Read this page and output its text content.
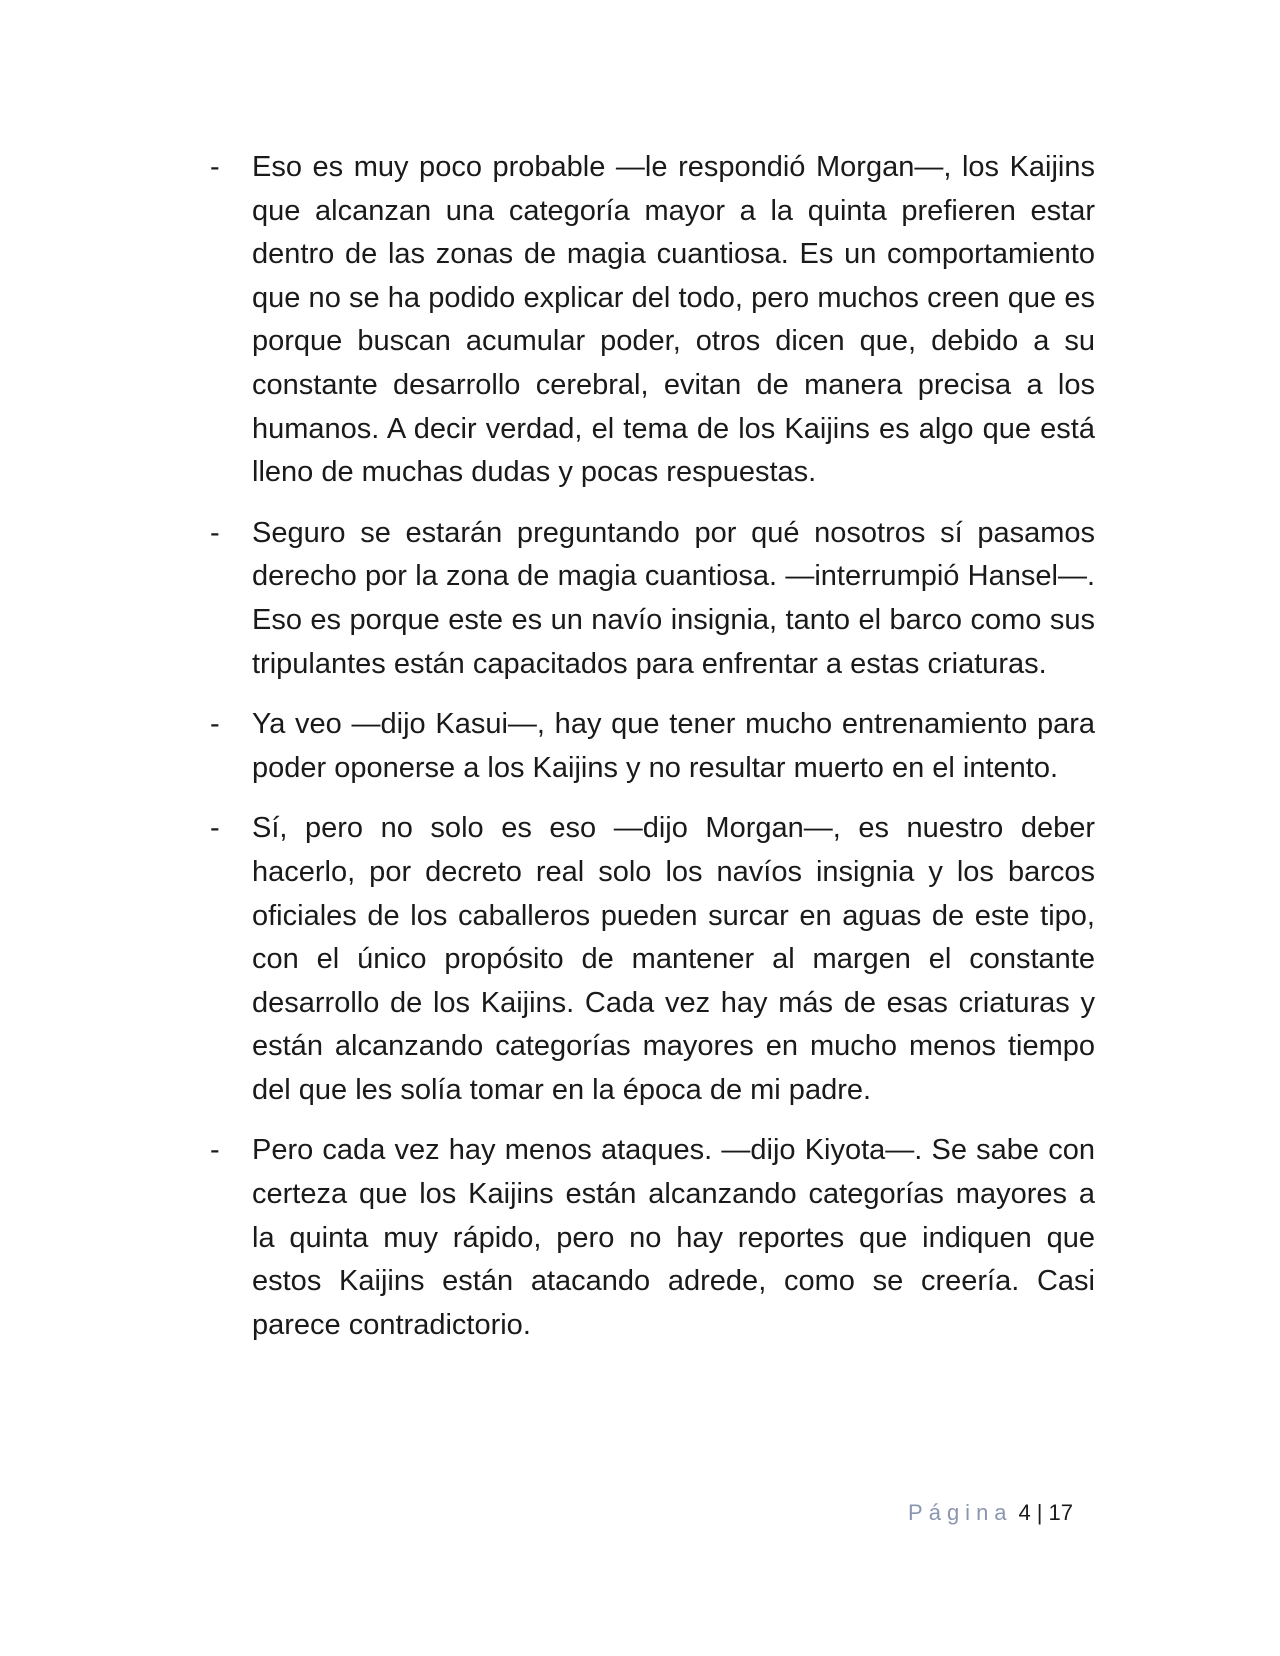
-	Eso es muy poco probable —le respondió Morgan—, los Kaijins que alcanzan una categoría mayor a la quinta prefieren estar dentro de las zonas de magia cuantiosa. Es un comportamiento que no se ha podido explicar del todo, pero muchos creen que es porque buscan acumular poder, otros dicen que, debido a su constante desarrollo cerebral, evitan de manera precisa a los humanos. A decir verdad, el tema de los Kaijins es algo que está lleno de muchas dudas y pocas respuestas.

-	Seguro se estarán preguntando por qué nosotros sí pasamos derecho por la zona de magia cuantiosa. —interrumpió Hansel—. Eso es porque este es un navío insignia, tanto el barco como sus tripulantes están capacitados para enfrentar a estas criaturas.

-	Ya veo —dijo Kasui—, hay que tener mucho entrenamiento para poder oponerse a los Kaijins y no resultar muerto en el intento.

-	Sí, pero no solo es eso —dijo Morgan—, es nuestro deber hacerlo, por decreto real solo los navíos insignia y los barcos oficiales de los caballeros pueden surcar en aguas de este tipo, con el único propósito de mantener al margen el constante desarrollo de los Kaijins. Cada vez hay más de esas criaturas y están alcanzando categorías mayores en mucho menos tiempo del que les solía tomar en la época de mi padre.

-	Pero cada vez hay menos ataques. —dijo Kiyota—. Se sabe con certeza que los Kaijins están alcanzando categorías mayores a la quinta muy rápido, pero no hay reportes que indiquen que estos Kaijins están atacando adrede, como se creería. Casi parece contradictorio.

Página 4 | 17
